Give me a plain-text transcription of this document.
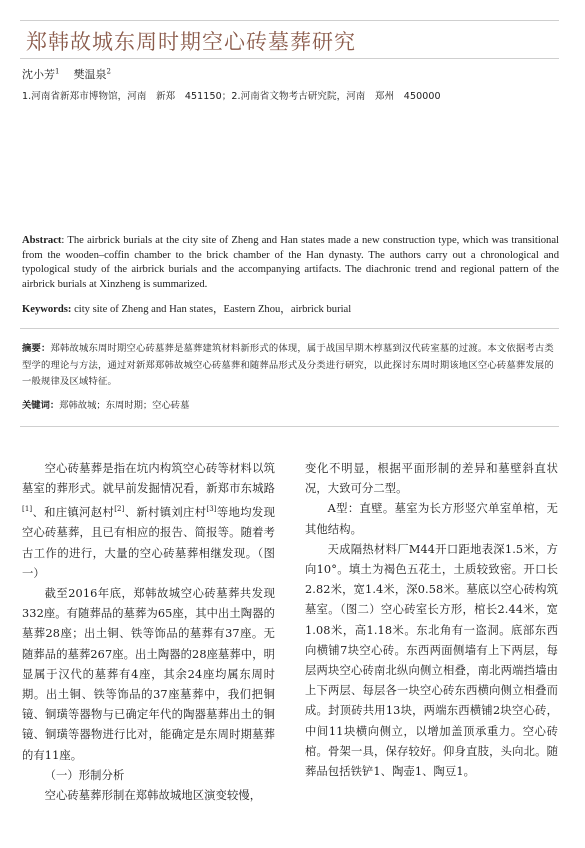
郑韩故城东周时期空心砖墓葬研究
沈小芳$^1$ 樊温泉$^2$
1.河南省新郑市博物馆，河南　新郑　451150；2.河南省文物考古研究院，河南　郑州　450000
Abstract: The airbrick burials at the city site of Zheng and Han states made a new construction type, which was transitional from the wooden–coffin chamber to the brick chamber of the Han dynasty. The authors carry out a chronological and typological study of the airbrick burials and the accompanying artifacts. The diachronic trend and regional pattern of the airbrick burials at Xinzheng is summarized.
Keywords: city site of Zheng and Han states，Eastern Zhou，airbrick burial
摘要：郑韩故城东周时期空心砖墓葬是墓葬建筑材料新形式的体现，属于战国早期木椁墓到汉代砖室墓的过渡。本文依据考古类型学的理论与方法，通过对新郑郑韩故城空心砖墓葬和随葬品形式及分类进行研究，以此探讨东周时期该地区空心砖墓葬发展的一般规律及区域特征。
关键词：郑韩故城；东周时期；空心砖墓

空心砖墓葬是指在坑内构筑空心砖等材料以筑墓室的葬形式。就早前发掘情况看，新郑市东城路[1]、和庄镇河赵村[2]、新村镇刘庄村[3]等地均发现空心砖墓葬，且已有相应的报告、简报等。随着考古工作的进行，大量的空心砖墓葬相继发现。（图一）

截至2016年底，郑韩故城空心砖墓葬共发现332座。有随葬品的墓葬为65座，其中出土陶器的墓葬28座；出土铜、铁等饰品的墓葬有37座。无随葬品的墓葬267座。出土陶器的28座墓葬中，明显属于汉代的墓葬有4座，其余24座均属东周时期。出土铜、铁等饰品的37座墓葬中，我们把铜镜、铜璜等器物与已确定年代的陶器墓葬出土的铜镜、铜璜等器物进行比对，能确定是东周时期墓葬的有11座。

（一）形制分析

空心砖墓葬形制在郑韩故城地区演变较慢，

变化不明显，根据平面形制的差异和墓壁斜直状况，大致可分二型。

A型：直壁。墓室为长方形竖穴单室单棺，无其他结构。

天成隔热材料厂M44开口距地表深1.5米，方向10°。填土为褐色五花土，土质较致密。开口长2.82米，宽1.4米，深0.58米。墓底以空心砖构筑墓室。（图二）空心砖室长方形，棺长2.44米，宽1.08米，高1.18米。东北角有一盗洞。底部东西向横铺7块空心砖。东西两面侧墙有上下两层，每层两块空心砖南北纵向侧立相叠，南北两端挡墙由上下两层、每层各一块空心砖东西横向侧立相叠而成。封顶砖共用13块，两端东西横铺2块空心砖，中间11块横向侧立，以增加盖顶承重力。空心砖棺。骨架一具，保存较好。仰身直肢，头向北。随葬品包括铁铲1、陶壶1、陶豆1。
